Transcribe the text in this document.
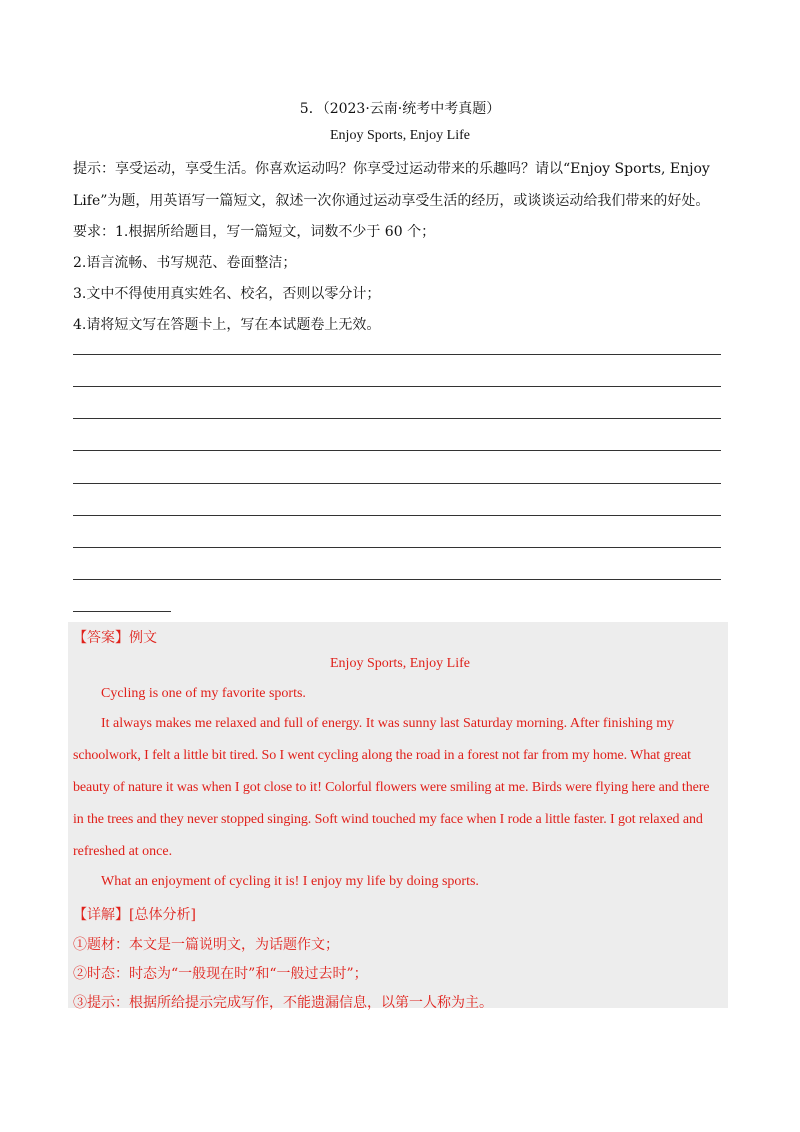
5．（2023·云南·统考中考真题）
Enjoy Sports, Enjoy Life
提示：享受运动，享受生活。你喜欢运动吗？你享受过运动带来的乐趣吗？请以“Enjoy Sports, Enjoy
Life”为题，用英语写一篇短文，叙述一次你通过运动享受生活的经历，或谈谈运动给我们带来的好处。
要求：1.根据所给题目，写一篇短文，词数不少于 60 个；
2.语言流畅、书写规范、卷面整洁；
3.文中不得使用真实姓名、校名，否则以零分计；
4.请将短文写在答题卡上，写在本试题卷上无效。
【答案】例文
Enjoy Sports, Enjoy Life
Cycling is one of my favorite sports.
It always makes me relaxed and full of energy. It was sunny last Saturday morning. After finishing my
schoolwork, I felt a little bit tired. So I went cycling along the road in a forest not far from my home. What great
beauty of nature it was when I got close to it! Colorful flowers were smiling at me. Birds were flying here and there
in the trees and they never stopped singing. Soft wind touched my face when I rode a little faster. I got relaxed and
refreshed at once.
What an enjoyment of cycling it is! I enjoy my life by doing sports.
【详解】[总体分析]
①题材：本文是一篇说明文，为话题作文；
②时态：时态为“一般现在时”和“一般过去时”；
③提示：根据所给提示完成写作，不能遗漏信息，以第一人称为主。
